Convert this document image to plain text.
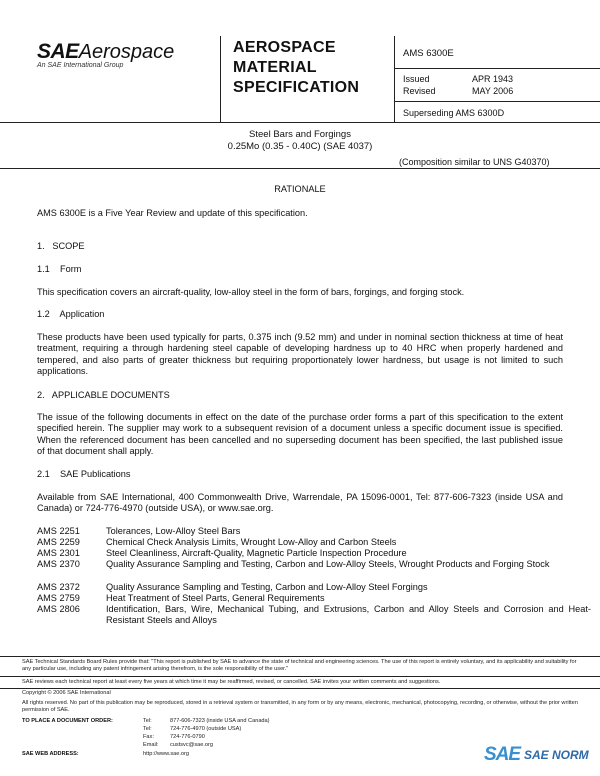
SAEAerospace
An SAE International Group
AEROSPACE
MATERIAL
SPECIFICATION
AMS 6300E
Issued	APR 1943
Revised	MAY 2006
Superseding AMS 6300D
Steel Bars and Forgings
0.25Mo (0.35 - 0.40C) (SAE 4037)
(Composition similar to UNS G40370)
RATIONALE
AMS 6300E is a Five Year Review and update of this specification.
1.   SCOPE
1.1    Form
This specification covers an aircraft-quality, low-alloy steel in the form of bars, forgings, and forging stock.
1.2    Application
These products have been used typically for parts, 0.375 inch (9.52 mm) and under in nominal section thickness at time of heat treatment, requiring a through hardening steel capable of developing hardness up to 40 HRC when properly hardened and tempered, and also parts of greater thickness but requiring proportionately lower hardness, but usage is not limited to such applications.
2.   APPLICABLE DOCUMENTS
The issue of the following documents in effect on the date of the purchase order forms a part of this specification to the extent specified herein. The supplier may work to a subsequent revision of a document unless a specific document issue is specified. When the referenced document has been cancelled and no superseding document has been specified, the last published issue of that document shall apply.
2.1    SAE Publications
Available from SAE International, 400 Commonwealth Drive, Warrendale, PA 15096-0001, Tel: 877-606-7323 (inside USA and Canada) or 724-776-4970 (outside USA), or www.sae.org.
AMS 2251	Tolerances, Low-Alloy Steel Bars
AMS 2259	Chemical Check Analysis Limits, Wrought Low-Alloy and Carbon Steels
AMS 2301	Steel Cleanliness, Aircraft-Quality, Magnetic Particle Inspection Procedure
AMS 2370	Quality Assurance Sampling and Testing, Carbon and Low-Alloy Steels, Wrought Products and Forging Stock
AMS 2372	Quality Assurance Sampling and Testing, Carbon and Low-Alloy Steel Forgings
AMS 2759	Heat Treatment of Steel Parts, General Requirements
AMS 2806	Identification, Bars, Wire, Mechanical Tubing, and Extrusions, Carbon and Alloy Steels and Corrosion and Heat-Resistant Steels and Alloys
SAE Technical Standards Board Rules provide that: "This report is published by SAE to advance the state of technical and engineering sciences. The use of this report is entirely voluntary, and its applicability and suitability for any particular use, including any patent infringement arising therefrom, is the sole responsibility of the user."
SAE reviews each technical report at least every five years at which time it may be reaffirmed, revised, or cancelled. SAE invites your written comments and suggestions.
Copyright © 2006 SAE International
All rights reserved. No part of this publication may be reproduced, stored in a retrieval system or transmitted, in any form or by any means, electronic, mechanical, photocopying, recording, or otherwise, without the prior written permission of SAE.
TO PLACE A DOCUMENT ORDER:	Tel:	877-606-7323 (inside USA and Canada)
Tel:	724-776-4970 (outside USA)
Fax:	724-776-0790
Email: custsvc@sae.org
SAE WEB ADDRESS:	http://www.sae.org	SAE SAE NORM
